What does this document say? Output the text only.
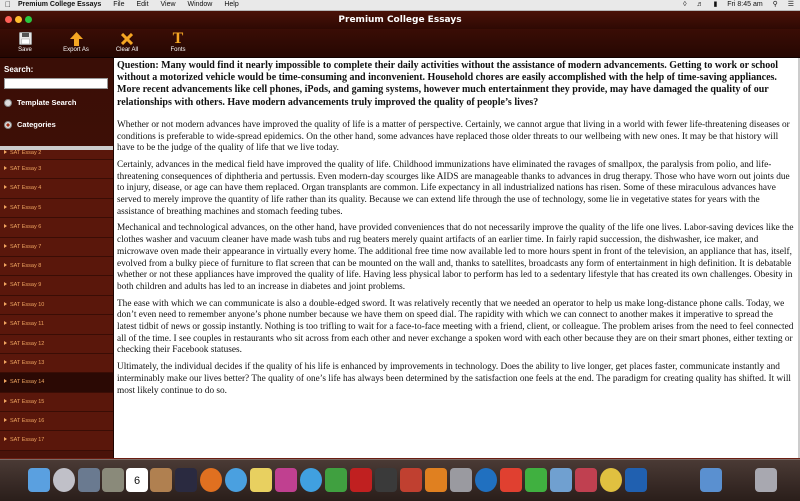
Premium College Essays File Edit View Window Help	◊ ♬ ▮ Fri 8:45 am ⚲ ☰
Premium College Essays
Save	Export As	Clear All
T
Fonts
Search:
Template Search
Categories
SAT Essay 2
SAT Essay 3
SAT Essay 4
SAT Essay 5
SAT Essay 6
SAT Essay 7
SAT Essay 8
SAT Essay 9
SAT Essay 10
SAT Essay 11
SAT Essay 12
SAT Essay 13
SAT Essay 14
SAT Essay 15
SAT Essay 16
SAT Essay 17
Question: Many would find it nearly impossible to complete their daily activities without the assistance of modern advancements. Getting to work or school without a motorized vehicle would be time-consuming and inconvenient. Household chores are easily accomplished with the help of time-saving appliances. More recent advancements like cell phones, iPods, and gaming systems, however much entertainment they provide, may have damaged the quality of our relationships with others. Have modern advancements truly improved the quality of people’s lives?

Whether or not modern advances have improved the quality of life is a matter of perspective. Certainly, we cannot argue that living in a world with fewer life-threatening diseases or conditions is preferable to wide-spread epidemics. On the other hand, some advances have replaced those older threats to our wellbeing with new ones. It may be that history will have to be the judge of the quality of life that we live today.

Certainly, advances in the medical field have improved the quality of life. Childhood immunizations have eliminated the ravages of smallpox, the paralysis from polio, and life-threatening consequences of diphtheria and pertussis. Even modern-day scourges like AIDS are manageable thanks to advances in drug therapy. Those who have worn out joints due to injury, disease, or age can have them replaced. Organ transplants are common. Life expectancy in all industrialized nations has risen. Some of these miraculous advances have served to merely improve the quantity of life rather than its quality. Because we can extend life through the use of technology, some lie in vegetative states for years with the assistance of breathing machines and stomach feeding tubes.

Mechanical and technological advances, on the other hand, have provided conveniences that do not necessarily improve the quality of the life one lives. Labor-saving devices like the clothes washer and vacuum cleaner have made wash tubs and rug beaters merely quaint artifacts of an earlier time. In fairly rapid succession, the dishwasher, ice maker, and microwave oven made their appearance in virtually every home. The additional free time now available led to more hours spent in front of the television, an appliance that has, itself, evolved from a bulky piece of furniture to flat screen that can be mounted on the wall and, thanks to satellites, broadcasts any form of entertainment in high definition. It is debatable whether or not these appliances have improved the quality of life. Having less physical labor to perform has led to a sedentary lifestyle that has created its own challenges. Obesity in both children and adults has led to an increase in diabetes and joint problems.

The ease with which we can communicate is also a double-edged sword. It was relatively recently that we needed an operator to help us make long-distance phone calls. Today, we don’t even need to remember anyone’s phone number because we have them on speed dial. The rapidity with which we can connect to another makes it imperative to spread the latest tidbit of news or gossip instantly. Nothing is too trifling to wait for a face-to-face meeting with a friend, client, or colleague. The problem arises from the need to feel connected all of the time. I see couples in restaurants who sit across from each other and never exchange a spoken word with each other because they are on their smart phones, either texting or checking their Facebook statuses.

Ultimately, the individual decides if the quality of his life is enhanced by improvements in technology. Does the ability to live longer, get places faster, communicate instantly and interminably make our lives better? The quality of one’s life has always been determined by the satisfaction one feels at the end. The paradigm for creating quality has shifted. It will most likely continue to do so.

6
